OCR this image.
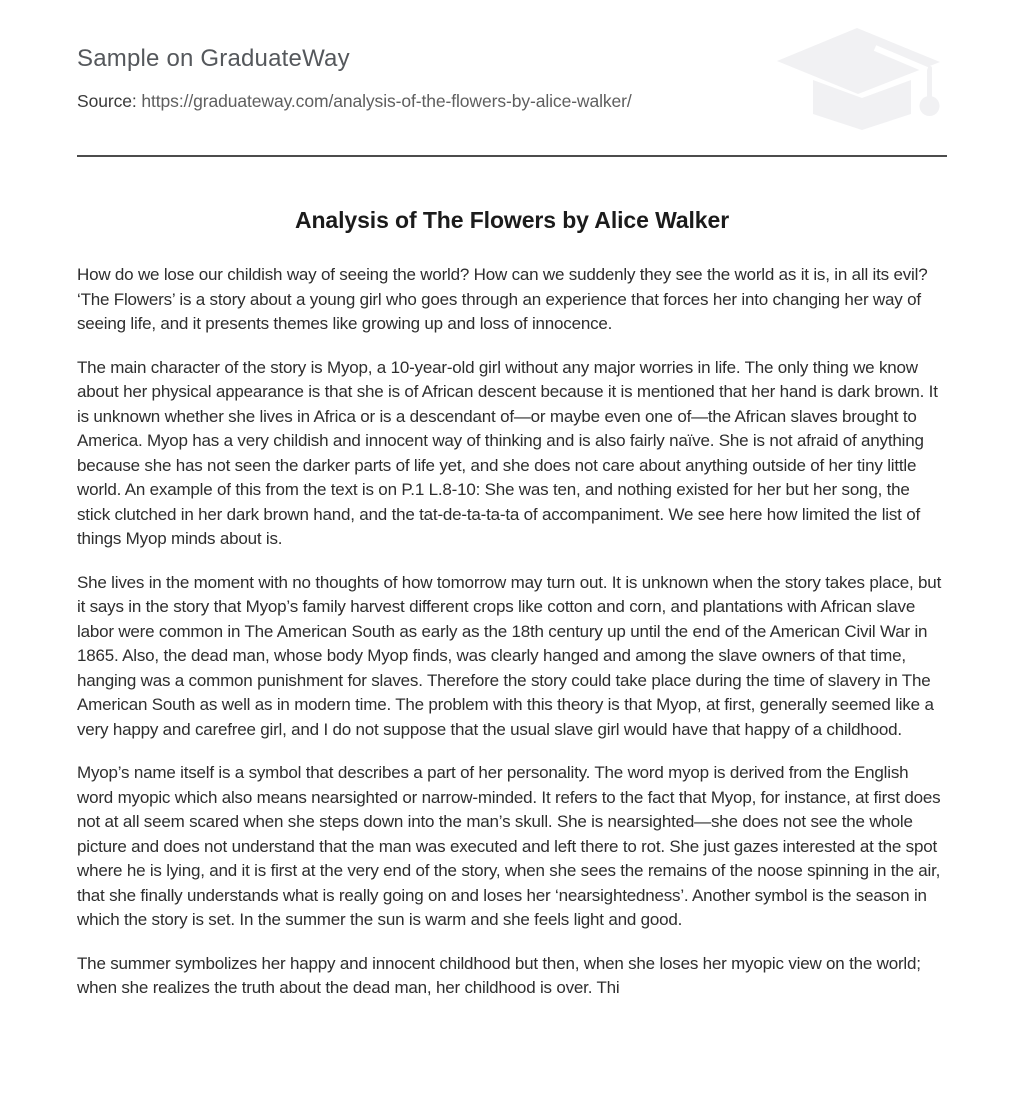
Sample on GraduateWay

Source: https://graduateway.com/analysis-of-the-flowers-by-alice-walker/

Analysis of The Flowers by Alice Walker

How do we lose our childish way of seeing the world? How can we suddenly they see the world as it is, in all its evil? ‘The Flowers’ is a story about a young girl who goes through an experience that forces her into changing her way of seeing life, and it presents themes like growing up and loss of innocence.

The main character of the story is Myop, a 10-year-old girl without any major worries in life. The only thing we know about her physical appearance is that she is of African descent because it is mentioned that her hand is dark brown. It is unknown whether she lives in Africa or is a descendant of—or maybe even one of—the African slaves brought to America. Myop has a very childish and innocent way of thinking and is also fairly naïve. She is not afraid of anything because she has not seen the darker parts of life yet, and she does not care about anything outside of her tiny little world. An example of this from the text is on P.1 L.8-10: She was ten, and nothing existed for her but her song, the stick clutched in her dark brown hand, and the tat-de-ta-ta-ta of accompaniment. We see here how limited the list of things Myop minds about is.

She lives in the moment with no thoughts of how tomorrow may turn out. It is unknown when the story takes place, but it says in the story that Myop’s family harvest different crops like cotton and corn, and plantations with African slave labor were common in The American South as early as the 18th century up until the end of the American Civil War in 1865. Also, the dead man, whose body Myop finds, was clearly hanged and among the slave owners of that time, hanging was a common punishment for slaves. Therefore the story could take place during the time of slavery in The American South as well as in modern time. The problem with this theory is that Myop, at first, generally seemed like a very happy and carefree girl, and I do not suppose that the usual slave girl would have that happy of a childhood.

Myop’s name itself is a symbol that describes a part of her personality. The word myop is derived from the English word myopic which also means nearsighted or narrow-minded. It refers to the fact that Myop, for instance, at first does not at all seem scared when she steps down into the man’s skull. She is nearsighted—she does not see the whole picture and does not understand that the man was executed and left there to rot. She just gazes interested at the spot where he is lying, and it is first at the very end of the story, when she sees the remains of the noose spinning in the air, that she finally understands what is really going on and loses her ‘nearsightedness’. Another symbol is the season in which the story is set. In the summer the sun is warm and she feels light and good.

The summer symbolizes her happy and innocent childhood but then, when she loses her myopic view on the world; when she realizes the truth about the dead man, her childhood is over. Thi
